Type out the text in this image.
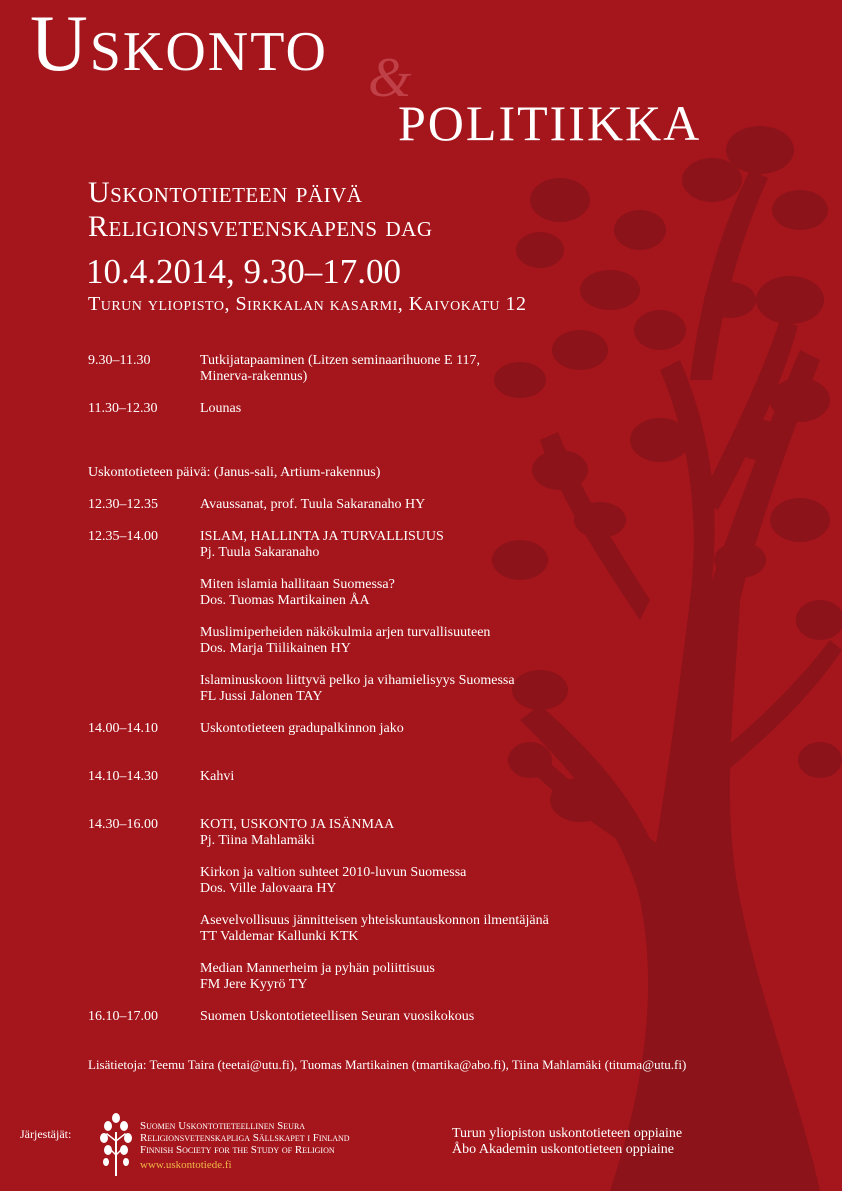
Uskonto &
politiikka
Uskontotieteen päivä
Religionsvetenskapens dag
10.4.2014, 9.30–17.00
Turun yliopisto, Sirkkalan kasarmi, Kaivokatu 12
9.30–11.30	Tutkijatapaaminen (Litzen seminaarihuone E 117,
Minerva-rakennus)
11.30–12.30	Lounas
Uskontotieteen päivä: (Janus-sali, Artium-rakennus)
12.30–12.35	Avaussanat, prof. Tuula Sakaranaho HY
12.35–14.00	ISLAM, HALLINTA JA TURVALLISUUS
Pj. Tuula Sakaranaho
Miten islamia hallitaan Suomessa?
Dos. Tuomas Martikainen ÅA
Muslimiperheiden näkökulmia arjen turvallisuuteen
Dos. Marja Tiilikainen HY
Islaminuskoon liittyvä pelko ja vihamielisyys Suomessa
FL Jussi Jalonen TAY
14.00–14.10	Uskontotieteen gradupalkinnon jako
14.10–14.30	Kahvi
14.30–16.00	KOTI, USKONTO JA ISÄNMAA
Pj. Tiina Mahlamäki
Kirkon ja valtion suhteet 2010-luvun Suomessa
Dos. Ville Jalovaara HY
Asevelvollisuus jännitteisen yhteiskuntauskonnon ilmentäjänä
TT Valdemar Kallunki KTK
Median Mannerheim ja pyhän poliittisuus
FM Jere Kyyrö TY
16.10–17.00	Suomen Uskontotieteellisen Seuran vuosikokous
Lisätietoja: Teemu Taira (teetai@utu.fi), Tuomas Martikainen (tmartika@abo.fi), Tiina Mahlamäki (tituma@utu.fi)
Järjestäjät:
Suomen Uskontotieteellinen Seura
Religionsvetenskapliga Sällskapet i Finland
Finnish Society for the Study of Religion
www.uskontotiede.fi
Turun yliopiston uskontotieteen oppiaine
Åbo Akademin uskontotieteen oppiaine
